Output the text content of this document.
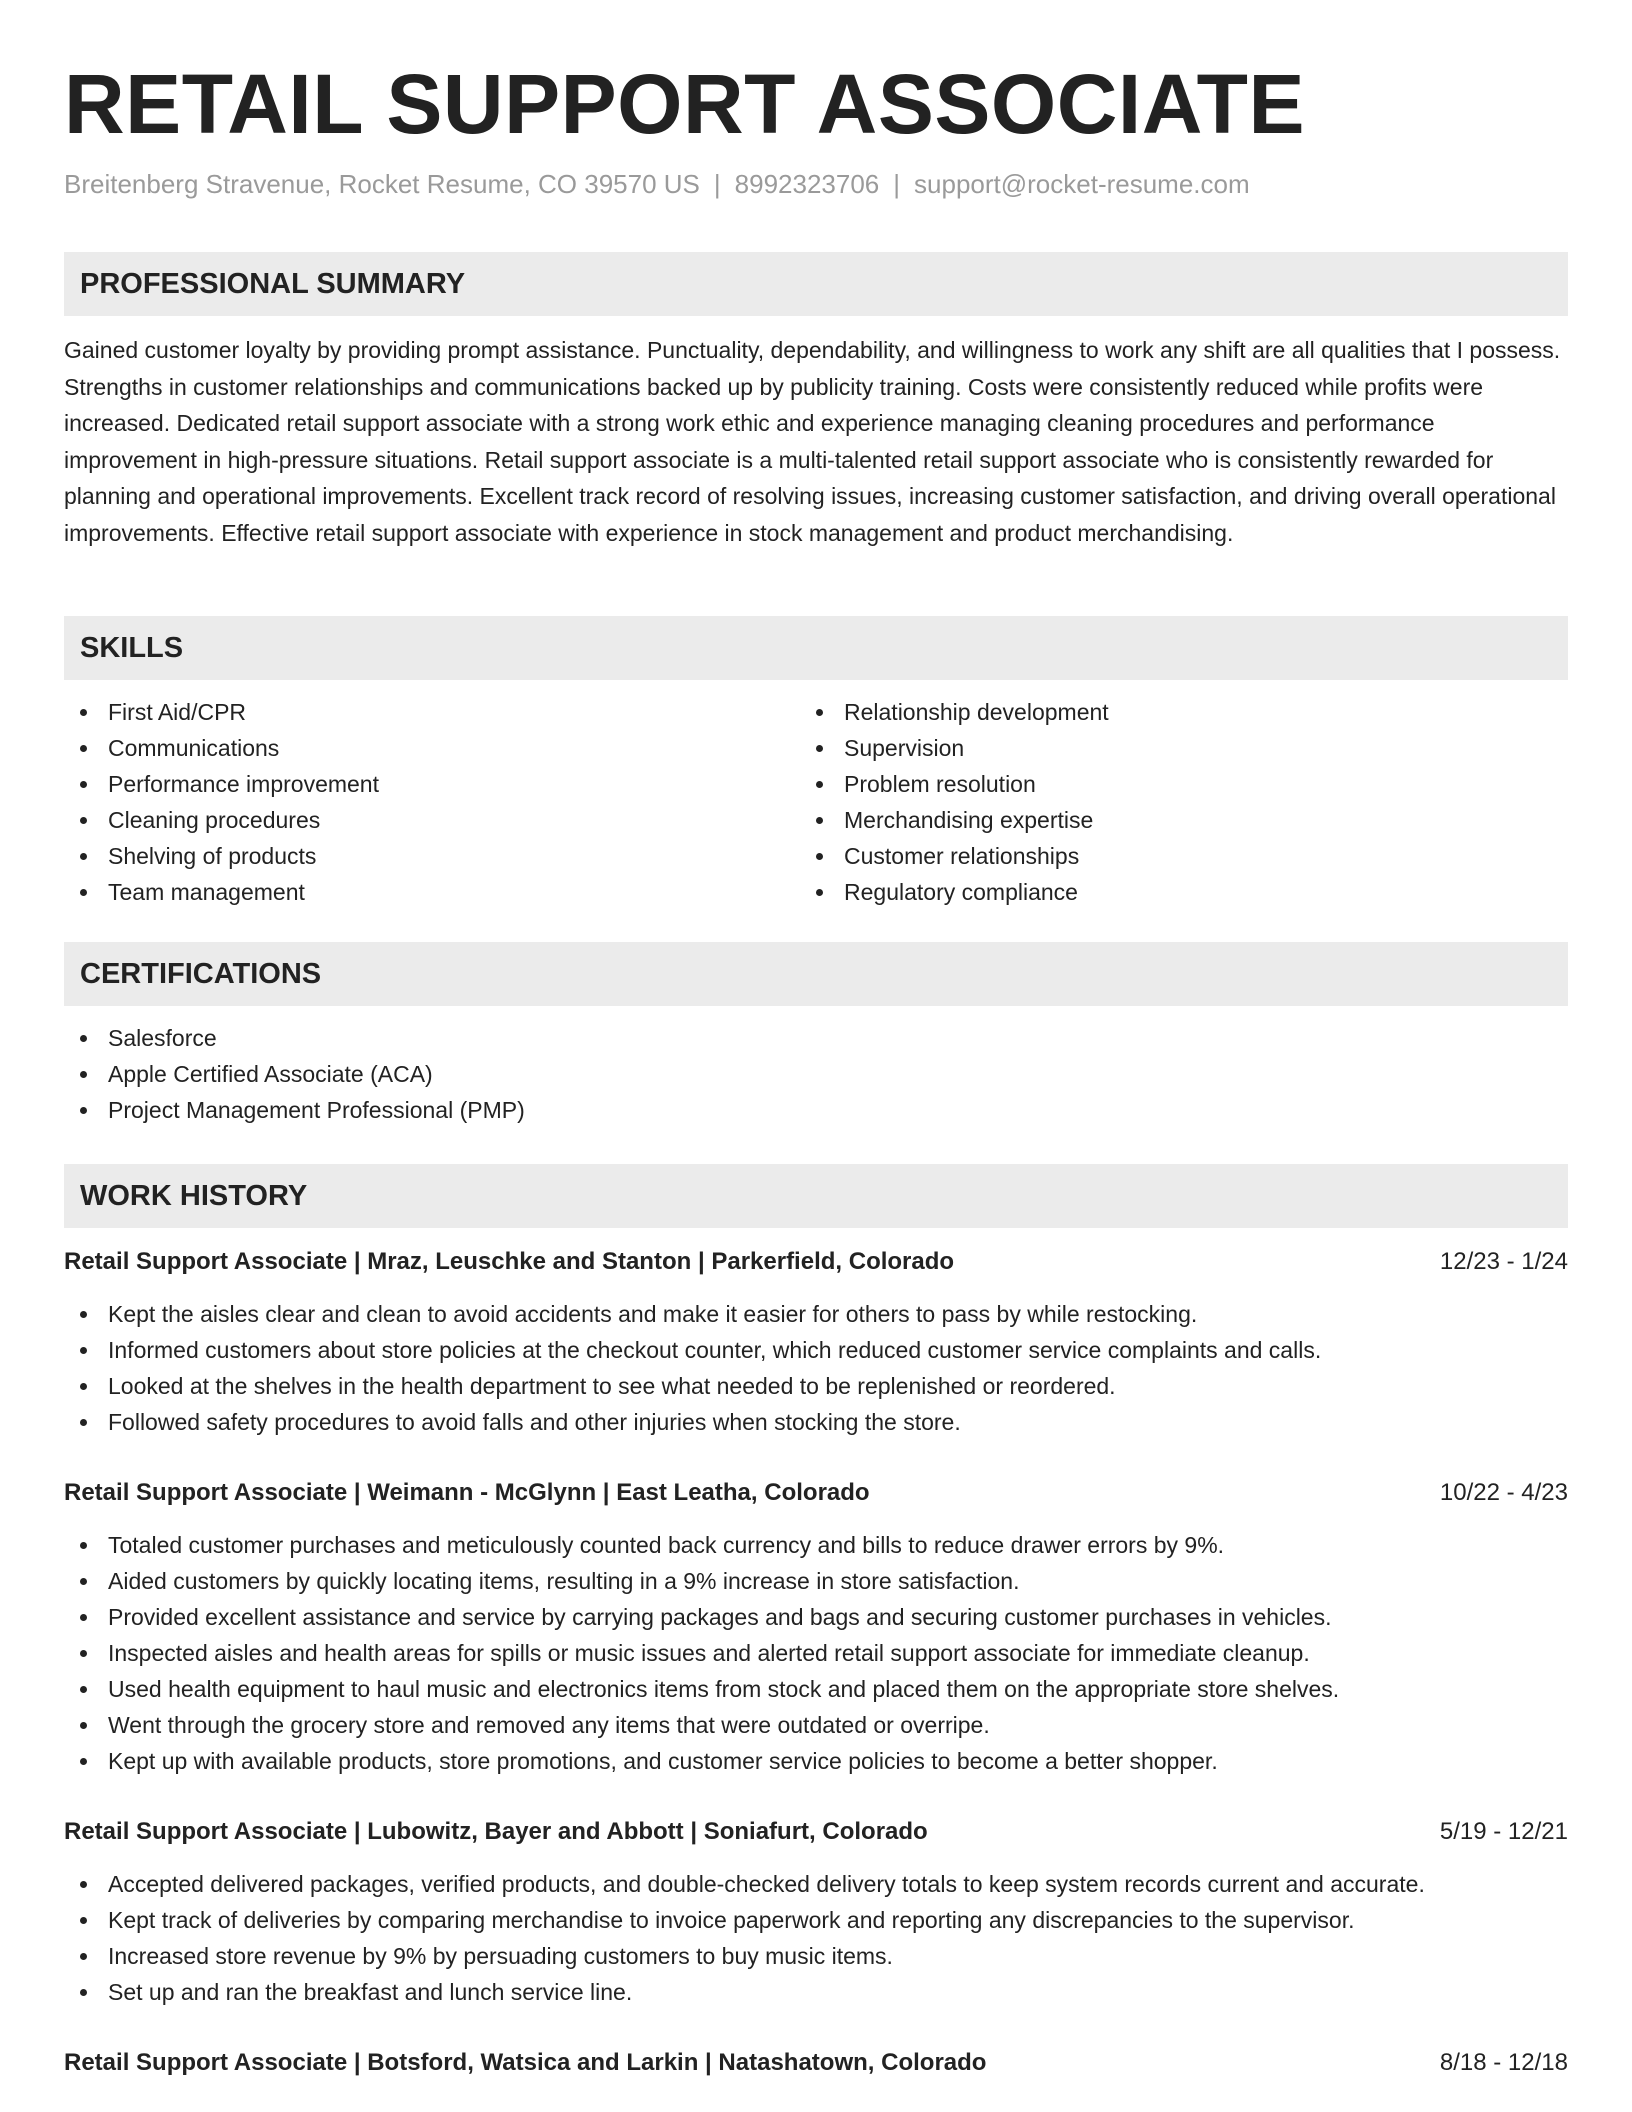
RETAIL SUPPORT ASSOCIATE
Breitenberg Stravenue, Rocket Resume, CO 39570 US | 8992323706 | support@rocket-resume.com
PROFESSIONAL SUMMARY
Gained customer loyalty by providing prompt assistance. Punctuality, dependability, and willingness to work any shift are all qualities that I possess. Strengths in customer relationships and communications backed up by publicity training. Costs were consistently reduced while profits were increased. Dedicated retail support associate with a strong work ethic and experience managing cleaning procedures and performance improvement in high-pressure situations. Retail support associate is a multi-talented retail support associate who is consistently rewarded for planning and operational improvements. Excellent track record of resolving issues, increasing customer satisfaction, and driving overall operational improvements. Effective retail support associate with experience in stock management and product merchandising.
SKILLS
First Aid/CPR
Communications
Performance improvement
Cleaning procedures
Shelving of products
Team management
Relationship development
Supervision
Problem resolution
Merchandising expertise
Customer relationships
Regulatory compliance
CERTIFICATIONS
Salesforce
Apple Certified Associate (ACA)
Project Management Professional (PMP)
WORK HISTORY
Retail Support Associate | Mraz, Leuschke and Stanton | Parkerfield, Colorado	12/23 - 1/24
Kept the aisles clear and clean to avoid accidents and make it easier for others to pass by while restocking.
Informed customers about store policies at the checkout counter, which reduced customer service complaints and calls.
Looked at the shelves in the health department to see what needed to be replenished or reordered.
Followed safety procedures to avoid falls and other injuries when stocking the store.
Retail Support Associate | Weimann - McGlynn | East Leatha, Colorado	10/22 - 4/23
Totaled customer purchases and meticulously counted back currency and bills to reduce drawer errors by 9%.
Aided customers by quickly locating items, resulting in a 9% increase in store satisfaction.
Provided excellent assistance and service by carrying packages and bags and securing customer purchases in vehicles.
Inspected aisles and health areas for spills or music issues and alerted retail support associate for immediate cleanup.
Used health equipment to haul music and electronics items from stock and placed them on the appropriate store shelves.
Went through the grocery store and removed any items that were outdated or overripe.
Kept up with available products, store promotions, and customer service policies to become a better shopper.
Retail Support Associate | Lubowitz, Bayer and Abbott | Soniafurt, Colorado	5/19 - 12/21
Accepted delivered packages, verified products, and double-checked delivery totals to keep system records current and accurate.
Kept track of deliveries by comparing merchandise to invoice paperwork and reporting any discrepancies to the supervisor.
Increased store revenue by 9% by persuading customers to buy music items.
Set up and ran the breakfast and lunch service line.
Retail Support Associate | Botsford, Watsica and Larkin | Natashatown, Colorado	8/18 - 12/18
